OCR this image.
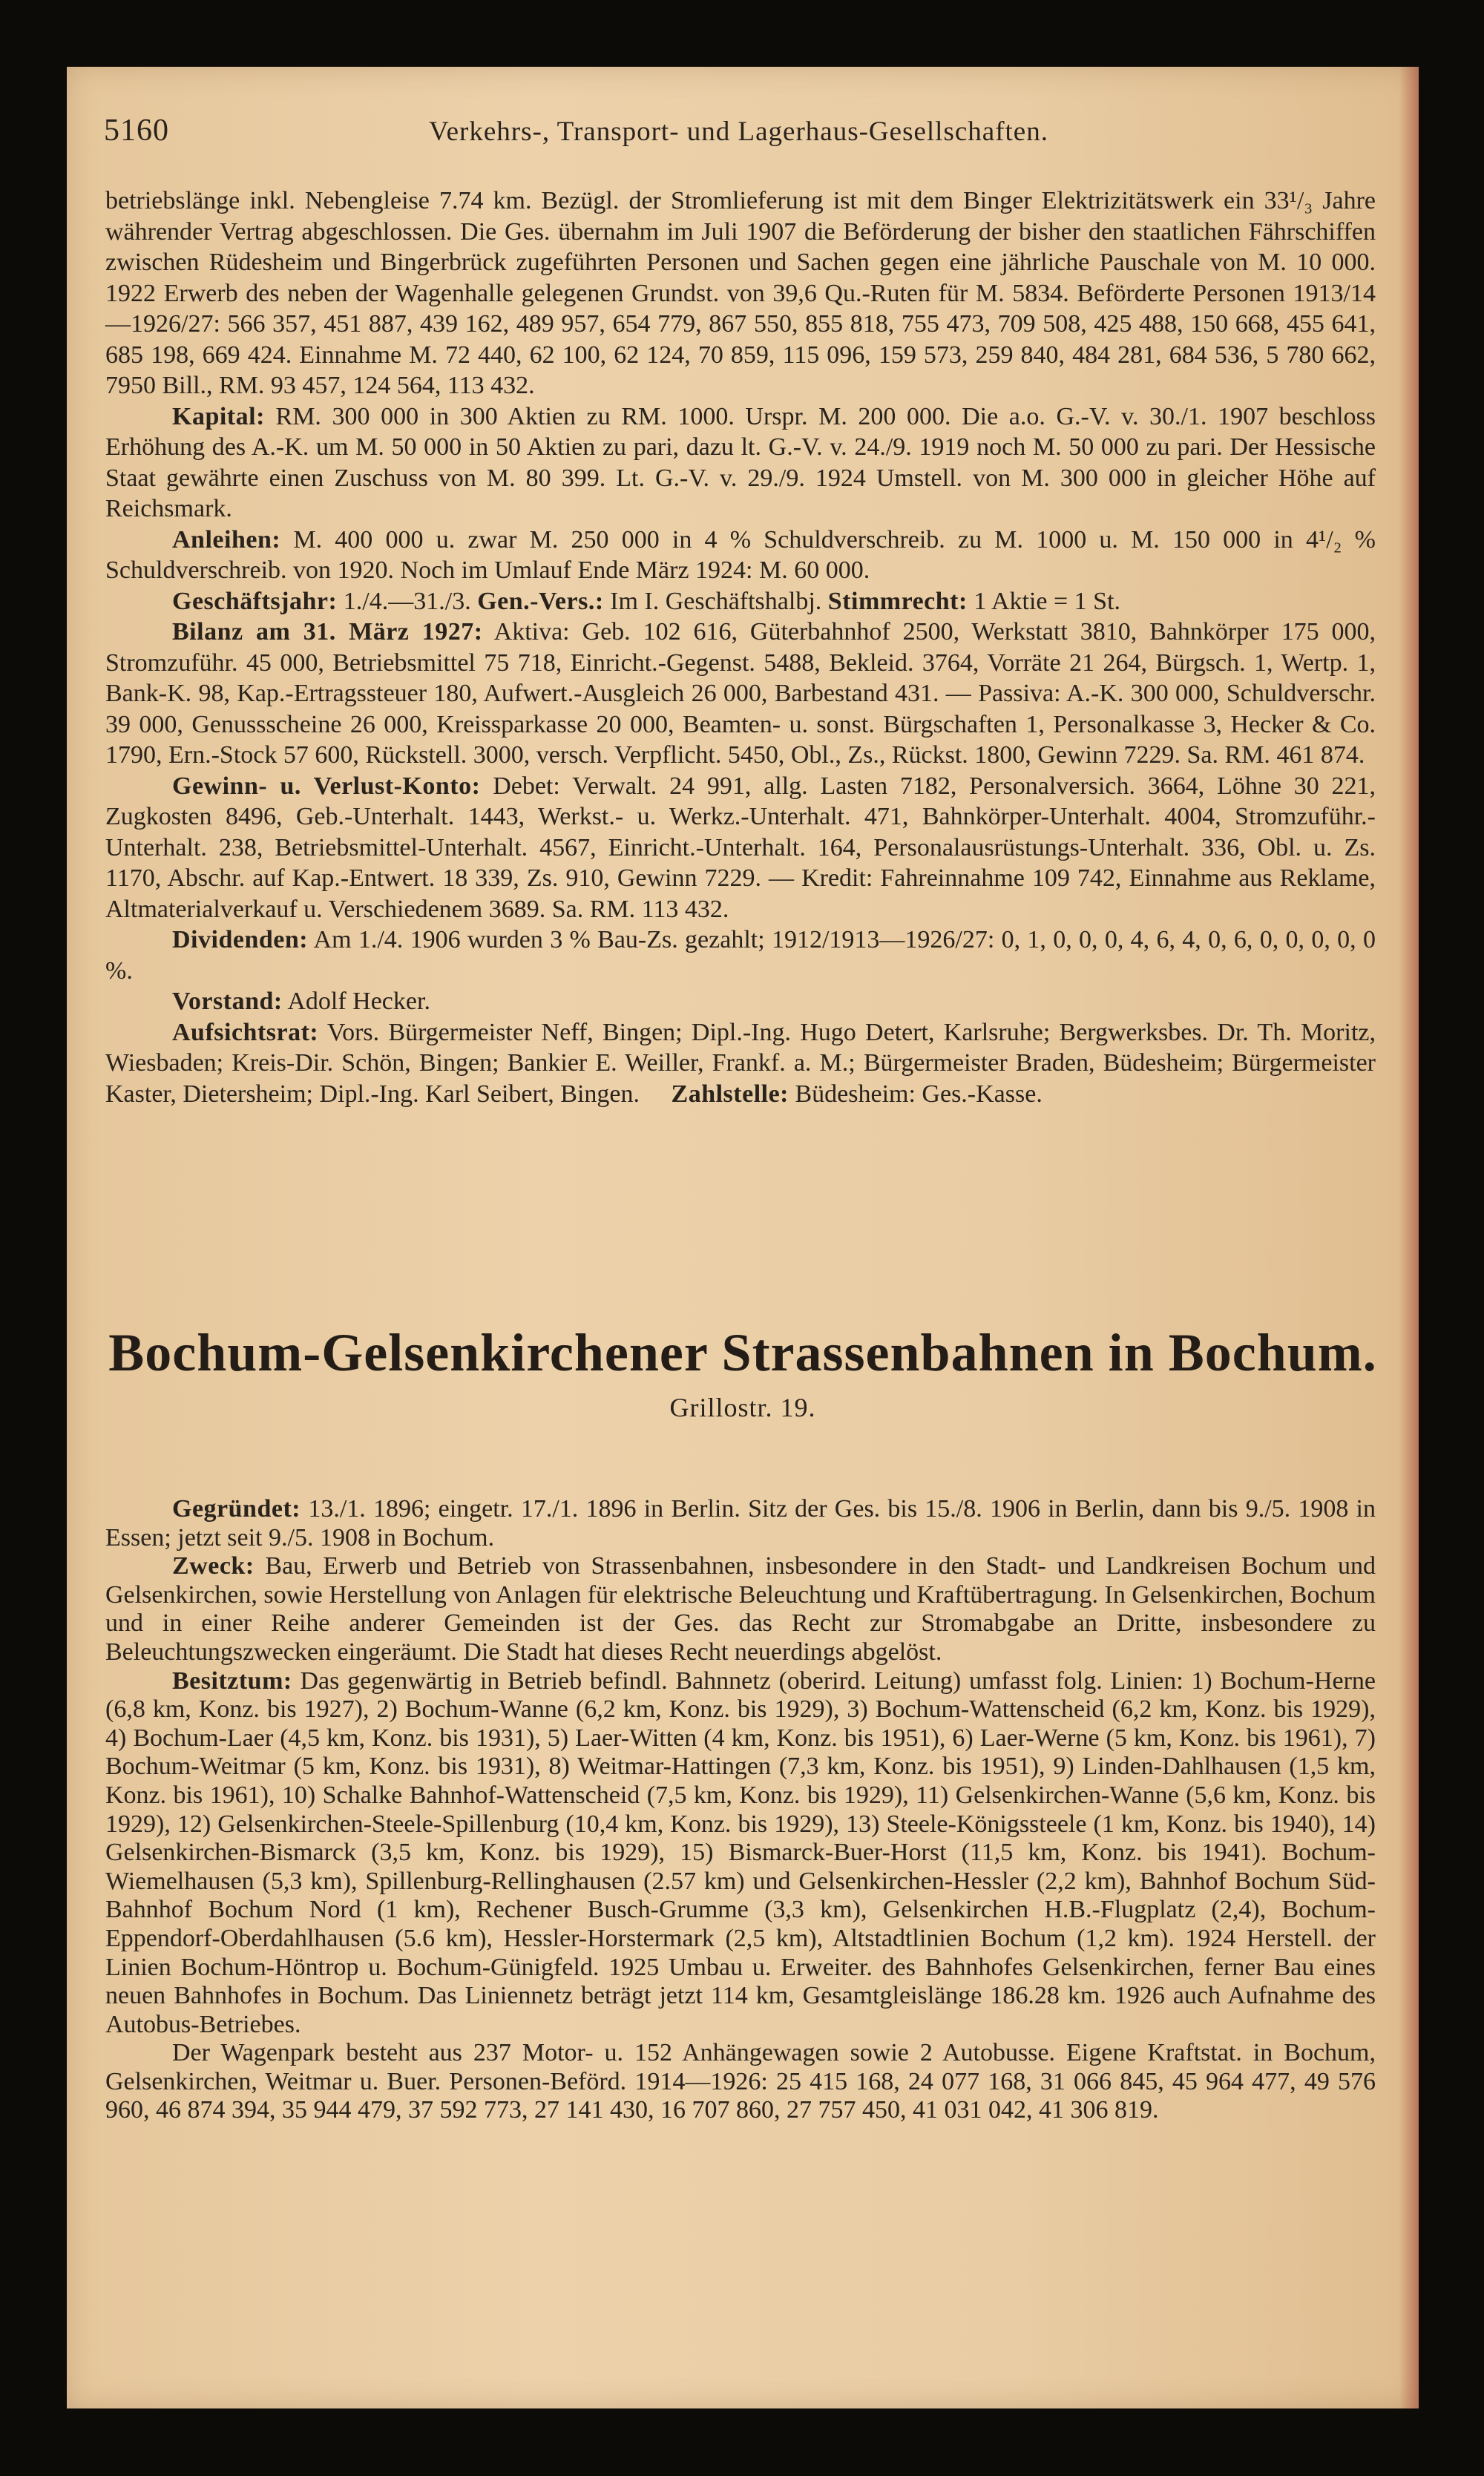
5160	Verkehrs-, Transport- und Lagerhaus-Gesellschaften.

betriebslänge inkl. Nebengleise 7.74 km. Bezügl. der Stromlieferung ist mit dem Binger Elektrizitätswerk ein 33¹/₃ Jahre währender Vertrag abgeschlossen. Die Ges. übernahm im Juli 1907 die Beförderung der bisher den staatlichen Fährschiffen zwischen Rüdesheim und Bingerbrück zugeführten Personen und Sachen gegen eine jährliche Pauschale von M. 10 000. 1922 Erwerb des neben der Wagenhalle gelegenen Grundst. von 39,6 Qu.-Ruten für M. 5834. Beförderte Personen 1913/14—1926/27: 566 357, 451 887, 439 162, 489 957, 654 779, 867 550, 855 818, 755 473, 709 508, 425 488, 150 668, 455 641, 685 198, 669 424. Einnahme M. 72 440, 62 100, 62 124, 70 859, 115 096, 159 573, 259 840, 484 281, 684 536, 5 780 662, 7950 Bill., RM. 93 457, 124 564, 113 432.

Kapital: RM. 300 000 in 300 Aktien zu RM. 1000. Urspr. M. 200 000. Die a.o. G.-V. v. 30./1. 1907 beschloss Erhöhung des A.-K. um M. 50 000 in 50 Aktien zu pari, dazu lt. G.-V. v. 24./9. 1919 noch M. 50 000 zu pari. Der Hessische Staat gewährte einen Zuschuss von M. 80 399. Lt. G.-V. v. 29./9. 1924 Umstell. von M. 300 000 in gleicher Höhe auf Reichsmark.

Anleihen: M. 400 000 u. zwar M. 250 000 in 4 % Schuldverschreib. zu M. 1000 u. M. 150 000 in 4¹/₂ % Schuldverschreib. von 1920. Noch im Umlauf Ende März 1924: M. 60 000.

Geschäftsjahr: 1./4.—31./3. Gen.-Vers.: Im I. Geschäftshalbj. Stimmrecht: 1 Aktie = 1 St.

Bilanz am 31. März 1927: Aktiva: Geb. 102 616, Güterbahnhof 2500, Werkstatt 3810, Bahnkörper 175 000, Stromzuführ. 45 000, Betriebsmittel 75 718, Einricht.-Gegenst. 5488, Bekleid. 3764, Vorräte 21 264, Bürgsch. 1, Wertp. 1, Bank-K. 98, Kap.-Ertragssteuer 180, Aufwert.-Ausgleich 26 000, Barbestand 431. — Passiva: A.-K. 300 000, Schuldverschr. 39 000, Genussscheine 26 000, Kreissparkasse 20 000, Beamten- u. sonst. Bürgschaften 1, Personalkasse 3, Hecker & Co. 1790, Ern.-Stock 57 600, Rückstell. 3000, versch. Verpflicht. 5450, Obl., Zs., Rückst. 1800, Gewinn 7229. Sa. RM. 461 874.

Gewinn- u. Verlust-Konto: Debet: Verwalt. 24 991, allg. Lasten 7182, Personalversich. 3664, Löhne 30 221, Zugkosten 8496, Geb.-Unterhalt. 1443, Werkst.- u. Werkz.-Unterhalt. 471, Bahnkörper-Unterhalt. 4004, Stromzuführ.-Unterhalt. 238, Betriebsmittel-Unterhalt. 4567, Einricht.-Unterhalt. 164, Personalausrüstungs-Unterhalt. 336, Obl. u. Zs. 1170, Abschr. auf Kap.-Entwert. 18 339, Zs. 910, Gewinn 7229. — Kredit: Fahreinnahme 109 742, Einnahme aus Reklame, Altmaterialverkauf u. Verschiedenem 3689. Sa. RM. 113 432.

Dividenden: Am 1./4. 1906 wurden 3 % Bau-Zs. gezahlt; 1912/1913—1926/27: 0, 1, 0, 0, 0, 4, 6, 4, 0, 6, 0, 0, 0, 0, 0 %.

Vorstand: Adolf Hecker.

Aufsichtsrat: Vors. Bürgermeister Neff, Bingen; Dipl.-Ing. Hugo Detert, Karlsruhe; Bergwerksbes. Dr. Th. Moritz, Wiesbaden; Kreis-Dir. Schön, Bingen; Bankier E. Weiller, Frankf. a. M.; Bürgermeister Braden, Büdesheim; Bürgermeister Kaster, Dietersheim; Dipl.-Ing. Karl Seibert, Bingen. Zahlstelle: Büdesheim: Ges.-Kasse.

Bochum-Gelsenkirchener Strassenbahnen in Bochum.
Grillostr. 19.

Gegründet: 13./1. 1896; eingetr. 17./1. 1896 in Berlin. Sitz der Ges. bis 15./8. 1906 in Berlin, dann bis 9./5. 1908 in Essen; jetzt seit 9./5. 1908 in Bochum.

Zweck: Bau, Erwerb und Betrieb von Strassenbahnen, insbesondere in den Stadt- und Landkreisen Bochum und Gelsenkirchen, sowie Herstellung von Anlagen für elektrische Beleuchtung und Kraftübertragung. In Gelsenkirchen, Bochum und in einer Reihe anderer Gemeinden ist der Ges. das Recht zur Stromabgabe an Dritte, insbesondere zu Beleuchtungszwecken eingeräumt. Die Stadt hat dieses Recht neuerdings abgelöst.

Besitztum: Das gegenwärtig in Betrieb befindl. Bahnnetz (oberird. Leitung) umfasst folg. Linien: 1) Bochum-Herne (6,8 km, Konz. bis 1927), 2) Bochum-Wanne (6,2 km, Konz. bis 1929), 3) Bochum-Wattenscheid (6,2 km, Konz. bis 1929), 4) Bochum-Laer (4,5 km, Konz. bis 1931), 5) Laer-Witten (4 km, Konz. bis 1951), 6) Laer-Werne (5 km, Konz. bis 1961), 7) Bochum-Weitmar (5 km, Konz. bis 1931), 8) Weitmar-Hattingen (7,3 km, Konz. bis 1951), 9) Linden-Dahlhausen (1,5 km, Konz. bis 1961), 10) Schalke Bahnhof-Wattenscheid (7,5 km, Konz. bis 1929), 11) Gelsenkirchen-Wanne (5,6 km, Konz. bis 1929), 12) Gelsenkirchen-Steele-Spillenburg (10,4 km, Konz. bis 1929), 13) Steele-Königssteele (1 km, Konz. bis 1940), 14) Gelsenkirchen-Bismarck (3,5 km, Konz. bis 1929), 15) Bismarck-Buer-Horst (11,5 km, Konz. bis 1941). Bochum-Wiemelhausen (5,3 km), Spillenburg-Rellinghausen (2.57 km) und Gelsenkirchen-Hessler (2,2 km), Bahnhof Bochum Süd-Bahnhof Bochum Nord (1 km), Rechener Busch-Grumme (3,3 km), Gelsenkirchen H.B.-Flugplatz (2,4), Bochum-Eppendorf-Oberdahlhausen (5.6 km), Hessler-Horstermark (2,5 km), Altstadtlinien Bochum (1,2 km). 1924 Herstell. der Linien Bochum-Höntrop u. Bochum-Günigfeld. 1925 Umbau u. Erweiter. des Bahnhofes Gelsenkirchen, ferner Bau eines neuen Bahnhofes in Bochum. Das Liniennetz beträgt jetzt 114 km, Gesamtgleislänge 186.28 km. 1926 auch Aufnahme des Autobus-Betriebes.

Der Wagenpark besteht aus 237 Motor- u. 152 Anhängewagen sowie 2 Autobusse. Eigene Kraftstat. in Bochum, Gelsenkirchen, Weitmar u. Buer. Personen-Beförd. 1914—1926: 25 415 168, 24 077 168, 31 066 845, 45 964 477, 49 576 960, 46 874 394, 35 944 479, 37 592 773, 27 141 430, 16 707 860, 27 757 450, 41 031 042, 41 306 819.
